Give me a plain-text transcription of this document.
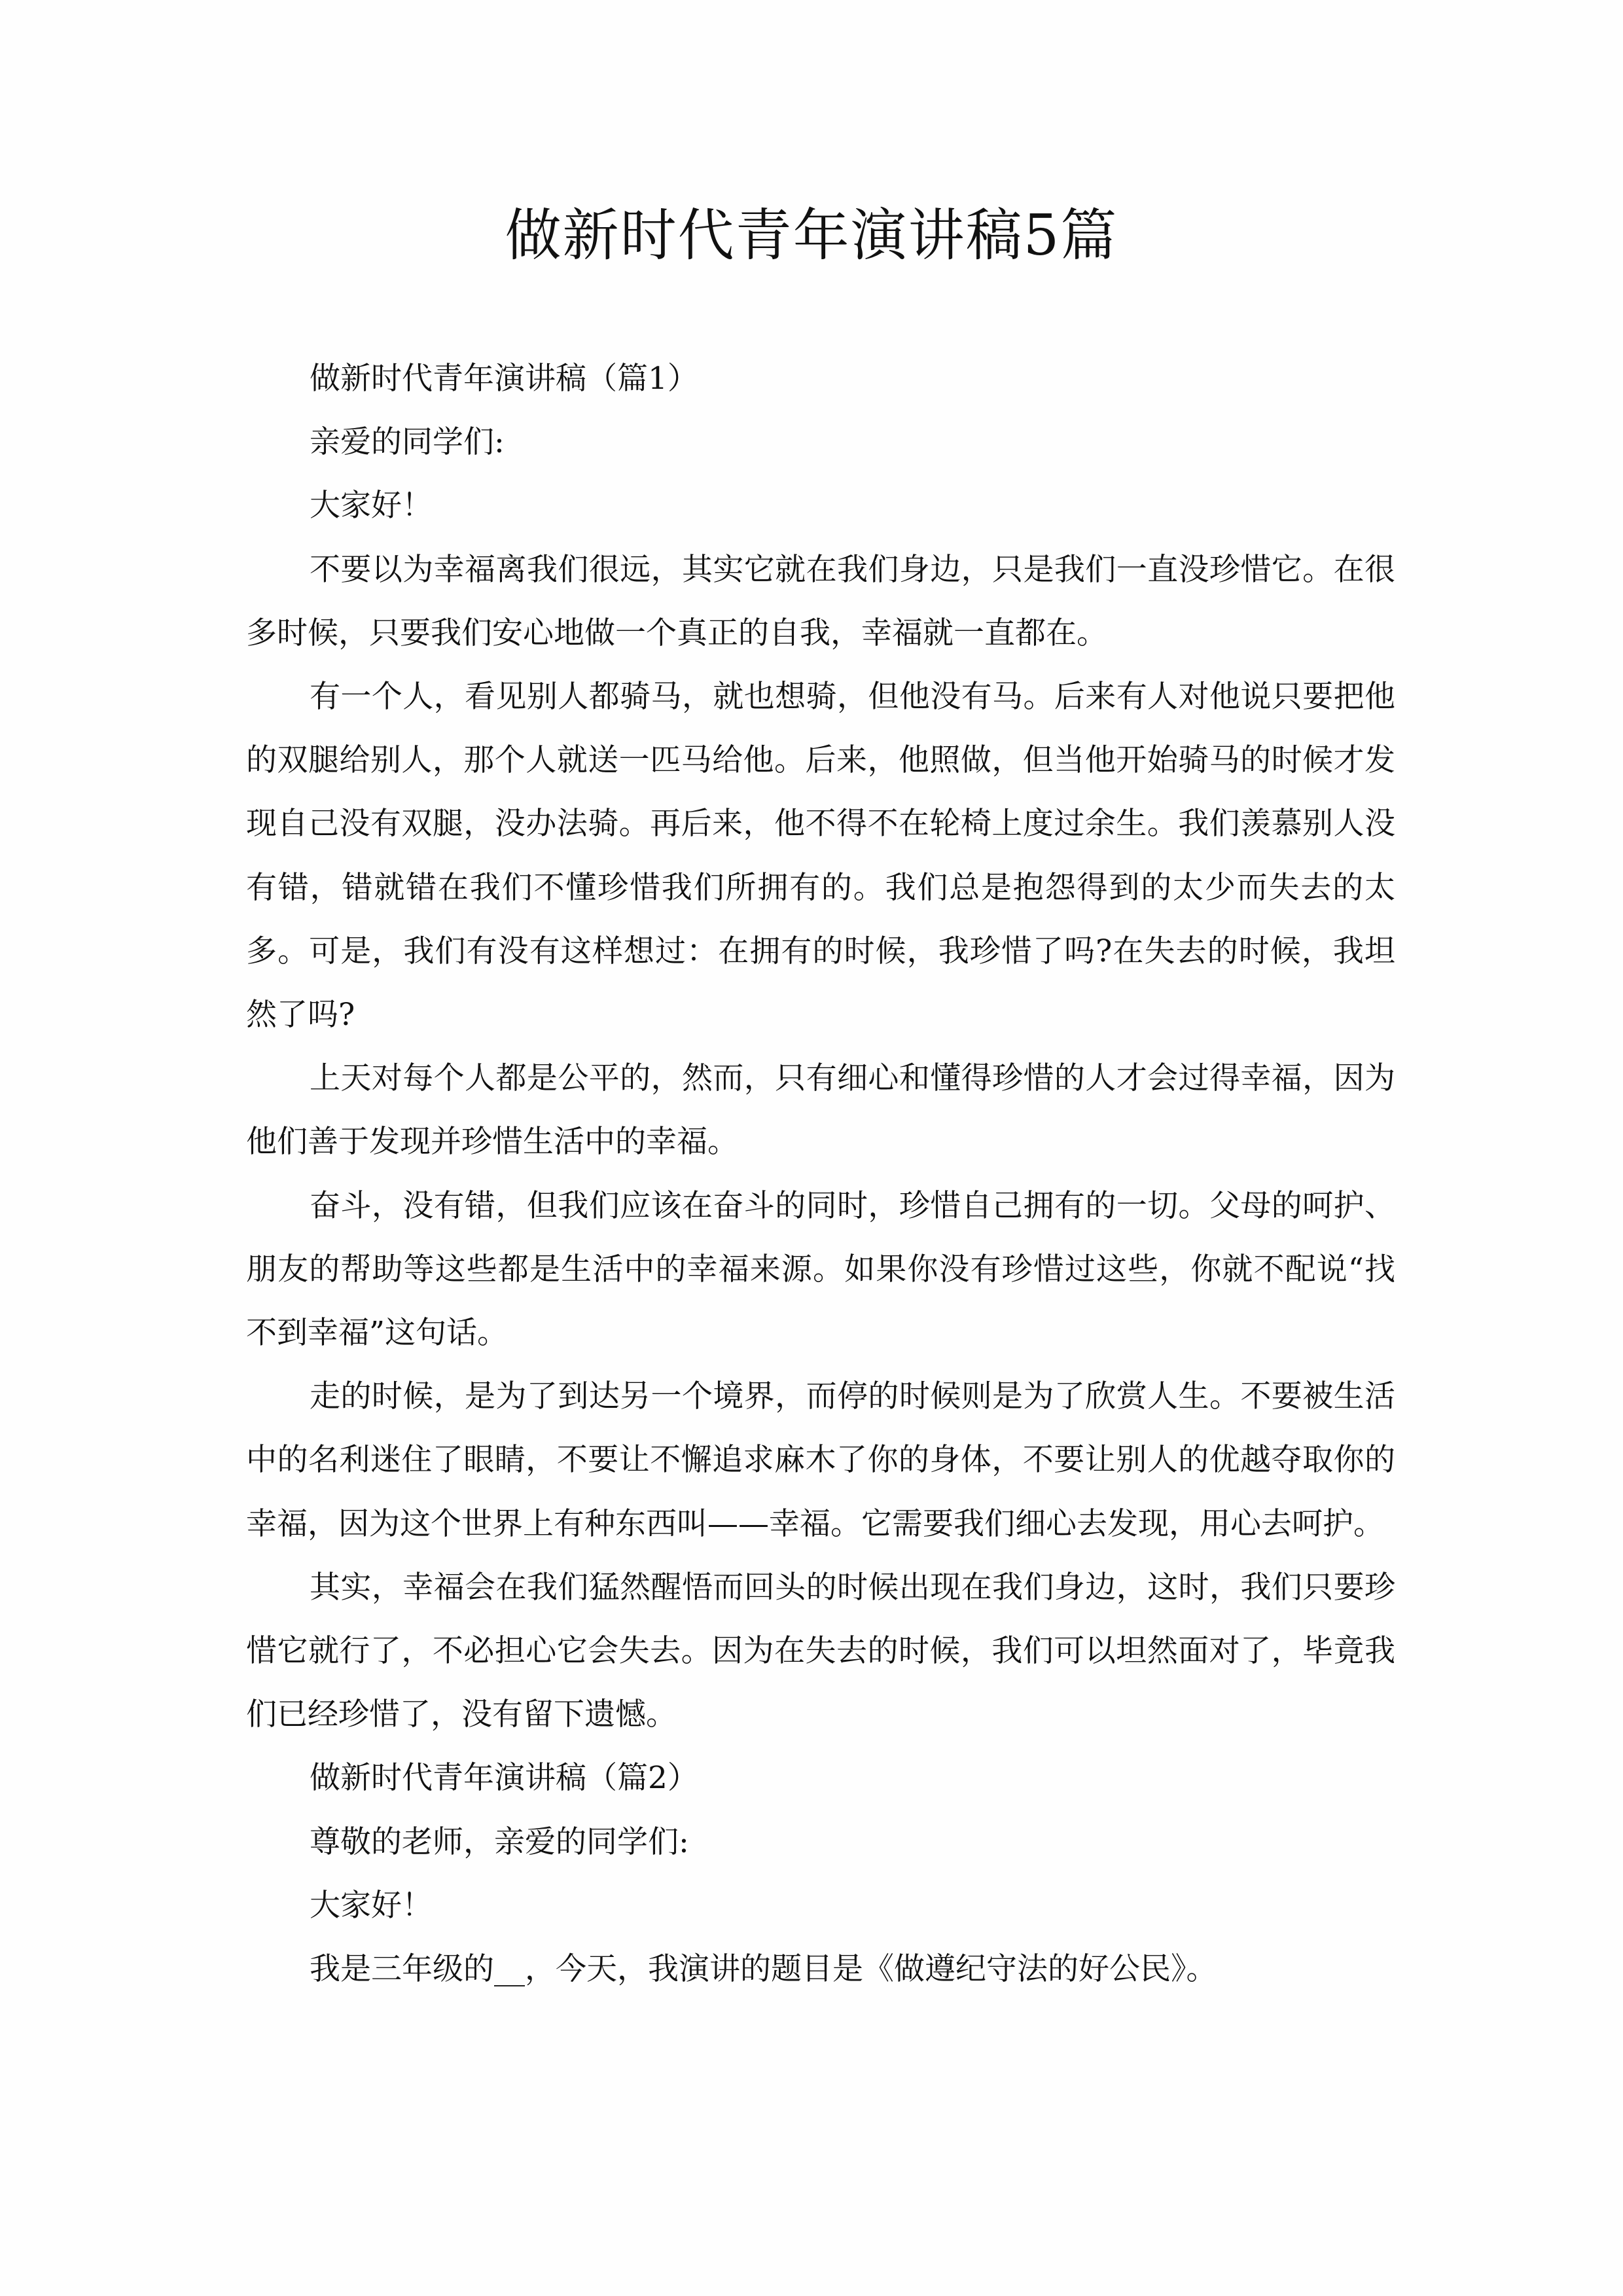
做新时代青年演讲稿5篇

做新时代青年演讲稿（篇1）

亲爱的同学们:

大家好！

不要以为幸福离我们很远，其实它就在我们身边，只是我们一直没珍惜它。在很多时候，只要我们安心地做一个真正的自我，幸福就一直都在。

有一个人，看见别人都骑马，就也想骑，但他没有马。后来有人对他说只要把他的双腿给别人，那个人就送一匹马给他。后来，他照做，但当他开始骑马的时候才发现自己没有双腿，没办法骑。再后来，他不得不在轮椅上度过余生。我们羡慕别人没有错，错就错在我们不懂珍惜我们所拥有的。我们总是抱怨得到的太少而失去的太多。可是，我们有没有这样想过：在拥有的时候，我珍惜了吗?在失去的时候，我坦然了吗?

上天对每个人都是公平的，然而，只有细心和懂得珍惜的人才会过得幸福，因为他们善于发现并珍惜生活中的幸福。

奋斗，没有错，但我们应该在奋斗的同时，珍惜自己拥有的一切。父母的呵护、朋友的帮助等这些都是生活中的幸福来源。如果你没有珍惜过这些，你就不配说“找不到幸福”这句话。

走的时候，是为了到达另一个境界，而停的时候则是为了欣赏人生。不要被生活中的名利迷住了眼睛，不要让不懈追求麻木了你的身体，不要让别人的优越夺取你的幸福，因为这个世界上有种东西叫——幸福。它需要我们细心去发现，用心去呵护。

其实，幸福会在我们猛然醒悟而回头的时候出现在我们身边，这时，我们只要珍惜它就行了，不必担心它会失去。因为在失去的时候，我们可以坦然面对了，毕竟我们已经珍惜了，没有留下遗憾。

做新时代青年演讲稿（篇2）

尊敬的老师，亲爱的同学们:

大家好！

我是三年级的__，今天，我演讲的题目是《做遵纪守法的好公民》。
